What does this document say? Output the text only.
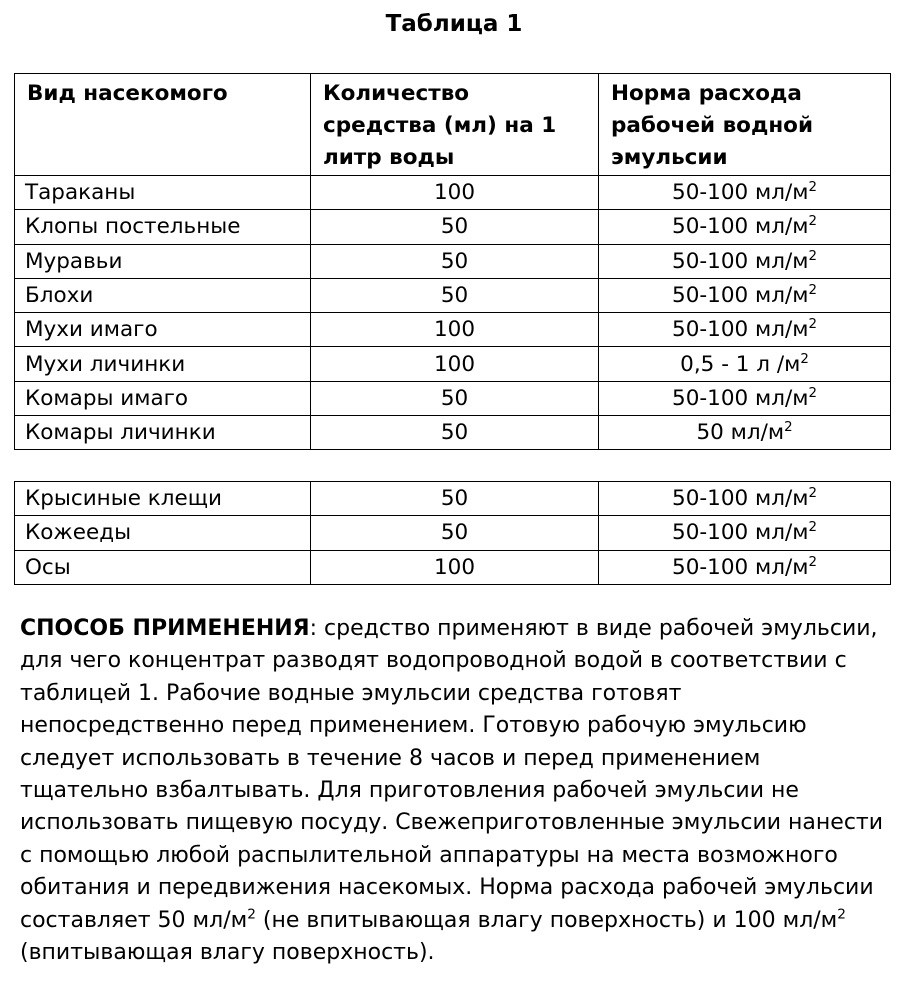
Таблица 1
Вид насекомого	Количество средства (мл) на 1 литр воды	Норма расхода рабочей водной эмульсии
Тараканы	100	50-100 $мл/м^2$
Клопы постельные	50	50-100 $мл/м^2$
Муравьи	50	50-100 $мл/м^2$
Блохи	50	50-100 $мл/м^2$
Мухи имаго	100	50-100 $мл/м^2$
Мухи личинки	100	0,5 - 1 л $/м^2$
Комары имаго	50	50-100 $мл/м^2$
Комары личинки	50	50 $мл/м^2$
Крысиные клещи	50	50-100 $мл/м^2$
Кожееды	50	50-100 $мл/м^2$
Осы	100	50-100 $мл/м^2$

СПОСОБ ПРИМЕНЕНИЯ: средство применяют в виде рабочей эмульсии, для чего концентрат разводят водопроводной водой в соответствии с таблицей 1. Рабочие водные эмульсии средства готовят непосредственно перед применением. Готовую рабочую эмульсию следует использовать в течение 8 часов и перед применением тщательно взбалтывать. Для приготовления рабочей эмульсии не использовать пищевую посуду. Свежеприготовленные эмульсии нанести с помощью любой распылительной аппаратуры на места возможного обитания и передвижения насекомых. Норма расхода рабочей эмульсии составляет 50 $мл/м^2$ (не впитывающая влагу поверхность) и 100 $мл/м^2$ (впитывающая влагу поверхность).
